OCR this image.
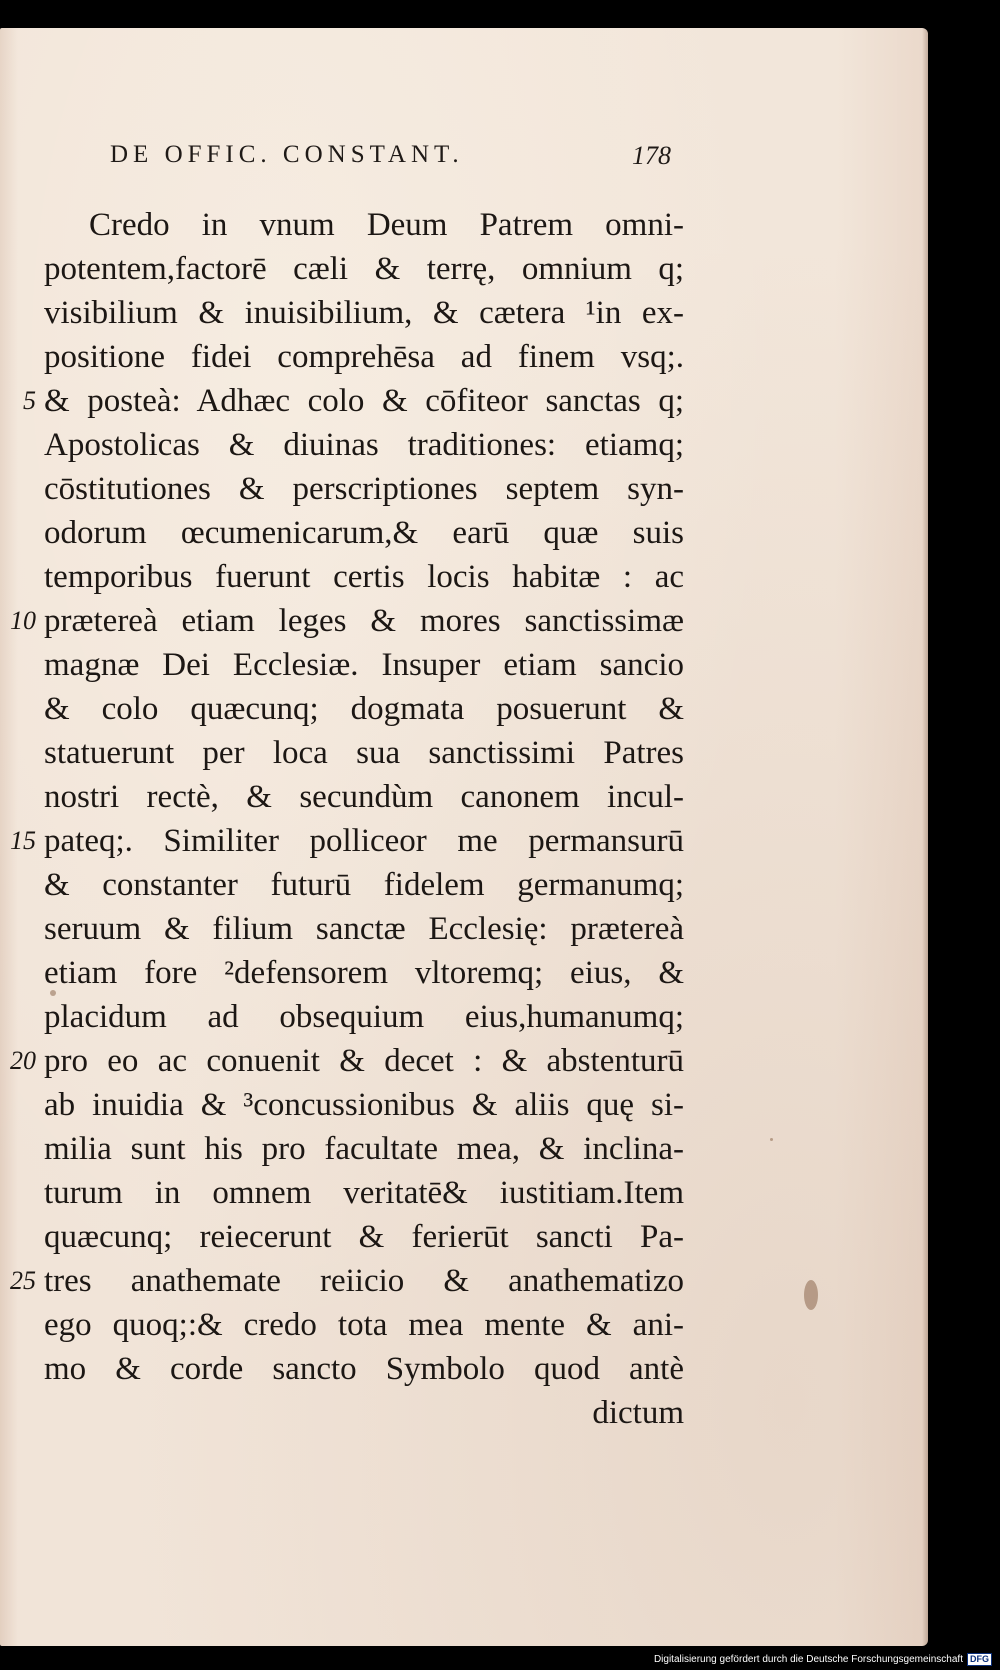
DE OFFIC. CONSTANT.	178
Credo in vnum Deum Patrem omni-
potentem,factorē cæli & terrę, omnium q;
visibilium & inuisibilium, & cætera ¹in ex-
positione fidei comprehēsa ad finem vsq;.
5 & posteà: Adhæc colo & cōfiteor sanctas q;
Apostolicas & diuinas traditiones: etiamq;
cōstitutiones & perscriptiones septem syn-
odorum œcumenicarum,& earū quæ suis
temporibus fuerunt certis locis habitæ : ac
10 prætereà etiam leges & mores sanctissimæ
magnæ Dei Ecclesiæ. Insuper etiam sancio
& colo quæcunq; dogmata posuerunt &
statuerunt per loca sua sanctissimi Patres
nostri rectè, & secundùm canonem incul-
15 pateq;. Similiter polliceor me permansurū
& constanter futurū fidelem germanumq;
seruum & filium sanctæ Ecclesię: prætereà
etiam fore ²defensorem vltoremq; eius, &
placidum ad obsequium eius,humanumq;
20 pro eo ac conuenit & decet : & abstenturū
ab inuidia & ³concussionibus & aliis quę si-
milia sunt his pro facultate mea, & inclina-
turum in omnem veritatē& iustitiam.Item
quæcunq; reiecerunt & ferierūt sancti Pa-
25 tres anathemate reiicio & anathematizo
ego quoq;:& credo tota mea mente & ani-
mo & corde sancto Symbolo quod antè
dictum
Digitalisierung gefördert durch die Deutsche Forschungsgemeinschaft DFG
